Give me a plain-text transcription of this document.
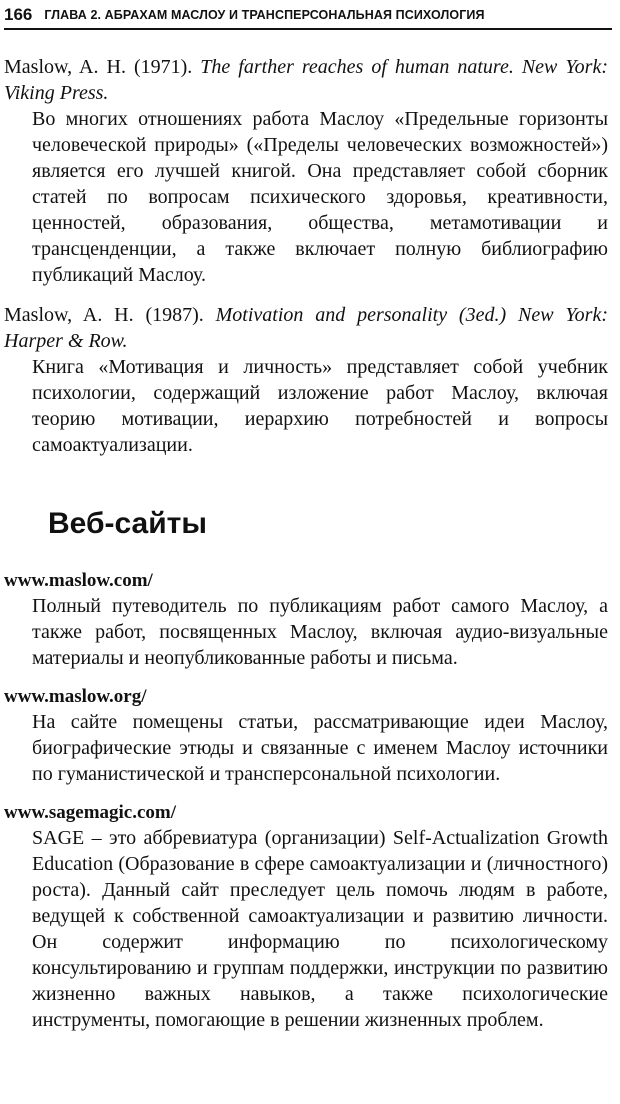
166 ГЛАВА 2. АБРАХАМ МАСЛОУ И ТРАНСПЕРСОНАЛЬНАЯ ПСИХОЛОГИЯ

Maslow, A. H. (1971). The farther reaches of human nature. New York: Viking Press.

Во многих отношениях работа Маслоу «Предельные горизонты человеческой природы» («Пределы человеческих возможностей») является его лучшей книгой. Она представляет собой сборник статей по вопросам психического здоровья, креативности, ценностей, образования, общества, метамотивации и трансценденции, а также включает полную библиографию публикаций Маслоу.

Maslow, A. H. (1987). Motivation and personality (3ed.) New York: Harper & Row.

Книга «Мотивация и личность» представляет собой учебник психологии, содержащий изложение работ Маслоу, включая теорию мотивации, иерархию потребностей и вопросы самоактуализации.

Веб-сайты

www.maslow.com/

Полный путеводитель по публикациям работ самого Маслоу, а также работ, посвященных Маслоу, включая аудио-визуальные материалы и неопубликованные работы и письма.

www.maslow.org/

На сайте помещены статьи, рассматривающие идеи Маслоу, биографические этюды и связанные с именем Маслоу источники по гуманистической и трансперсональной психологии.

www.sagemagic.com/

SAGE – это аббревиатура (организации) Self-Actualization Growth Education (Образование в сфере самоактуализации и (личностного) роста). Данный сайт преследует цель помочь людям в работе, ведущей к собственной самоактуализации и развитию личности. Он содержит информацию по психологическому консультированию и группам поддержки, инструкции по развитию жизненно важных навыков, а также психологические инструменты, помогающие в решении жизненных проблем.
